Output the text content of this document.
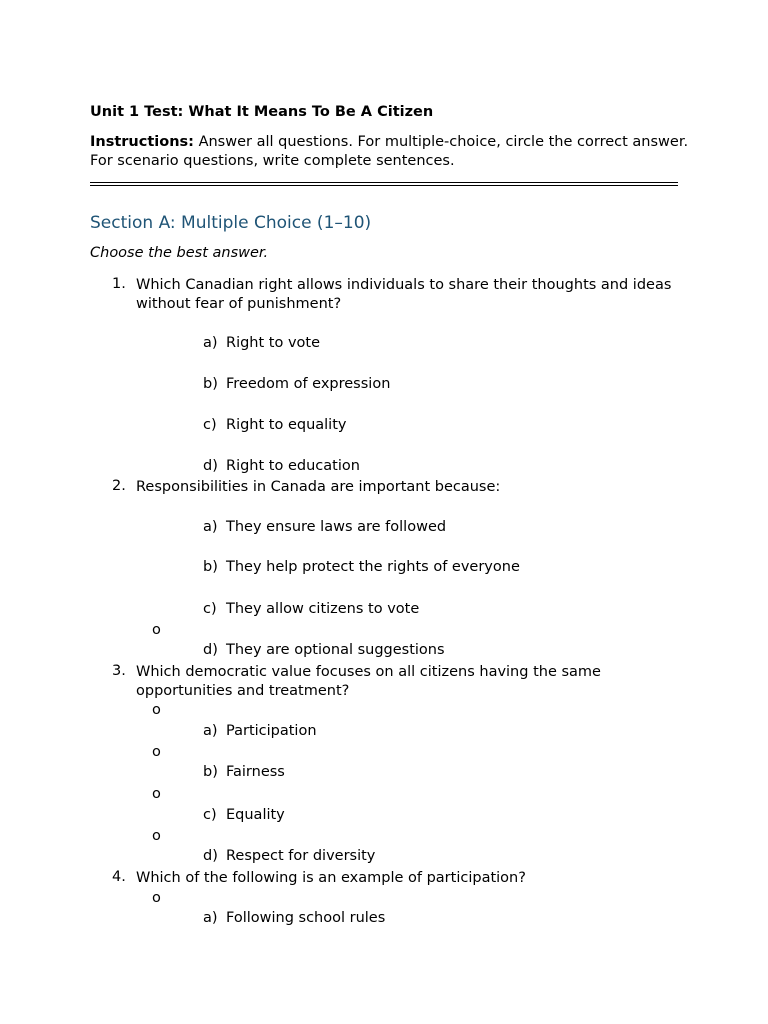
Unit 1 Test: What It Means To Be A Citizen
Instructions: Answer all questions. For multiple-choice, circle the correct answer. For scenario questions, write complete sentences.
Section A: Multiple Choice (1–10)
Choose the best answer.
1. Which Canadian right allows individuals to share their thoughts and ideas without fear of punishment?
a) Right to vote
b) Freedom of expression
c) Right to equality
d) Right to education
2. Responsibilities in Canada are important because:
a) They ensure laws are followed
b) They help protect the rights of everyone
c) They allow citizens to vote
o
d) They are optional suggestions
3. Which democratic value focuses on all citizens having the same opportunities and treatment?
o
a) Participation
o
b) Fairness
o
c) Equality
o
d) Respect for diversity
4. Which of the following is an example of participation?
o
a) Following school rules
